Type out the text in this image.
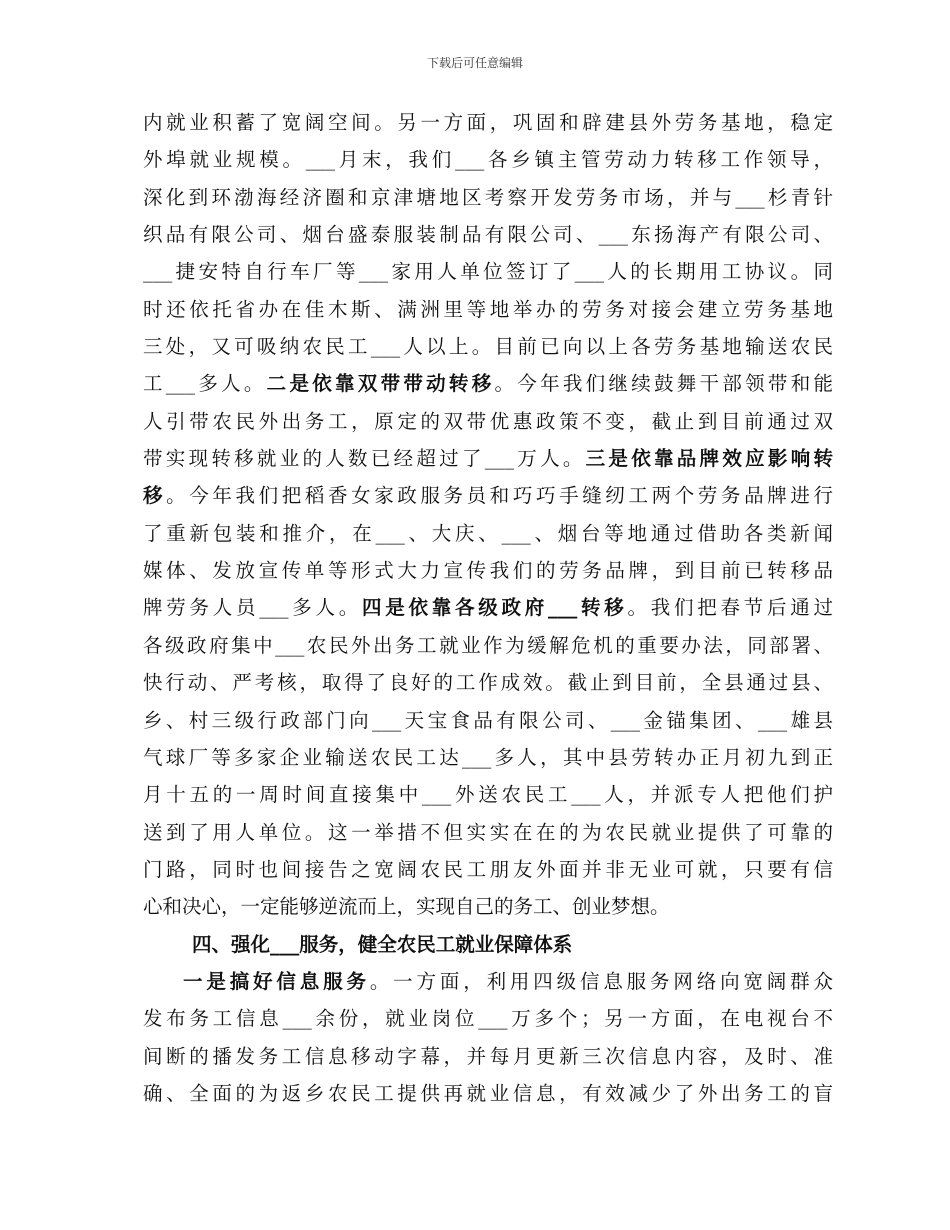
下载后可任意编辑
内就业积蓄了宽阔空间。另一方面，巩固和辟建县外劳务基地，稳定
外埠就业规模。___月末，我们___各乡镇主管劳动力转移工作领导，
深化到环渤海经济圈和京津塘地区考察开发劳务市场，并与___杉青针
织品有限公司、烟台盛泰服装制品有限公司、___东扬海产有限公司、
___捷安特自行车厂等___家用人单位签订了___人的长期用工协议。同
时还依托省办在佳木斯、满洲里等地举办的劳务对接会建立劳务基地
三处，又可吸纳农民工___人以上。目前已向以上各劳务基地输送农民
工___多人。二是依靠双带带动转移。今年我们继续鼓舞干部领带和能
人引带农民外出务工，原定的双带优惠政策不变，截止到目前通过双
带实现转移就业的人数已经超过了___万人。三是依靠品牌效应影响转
移。今年我们把稻香女家政服务员和巧巧手缝纫工两个劳务品牌进行
了重新包装和推介，在___、大庆、___、烟台等地通过借助各类新闻
媒体、发放宣传单等形式大力宣传我们的劳务品牌，到目前已转移品
牌劳务人员___多人。四是依靠各级政府___转移。我们把春节后通过
各级政府集中___农民外出务工就业作为缓解危机的重要办法，同部署、
快行动、严考核，取得了良好的工作成效。截止到目前，全县通过县、
乡、村三级行政部门向___天宝食品有限公司、___金锚集团、___雄县
气球厂等多家企业输送农民工达___多人，其中县劳转办正月初九到正
月十五的一周时间直接集中___外送农民工___人，并派专人把他们护
送到了用人单位。这一举措不但实实在在的为农民就业提供了可靠的
门路，同时也间接告之宽阔农民工朋友外面并非无业可就，只要有信
心和决心，一定能够逆流而上，实现自己的务工、创业梦想。
四、强化___服务，健全农民工就业保障体系
一是搞好信息服务。一方面，利用四级信息服务网络向宽阔群众
发布务工信息___余份，就业岗位___万多个；另一方面，在电视台不
间断的播发务工信息移动字幕，并每月更新三次信息内容，及时、准
确、全面的为返乡农民工提供再就业信息，有效减少了外出务工的盲
